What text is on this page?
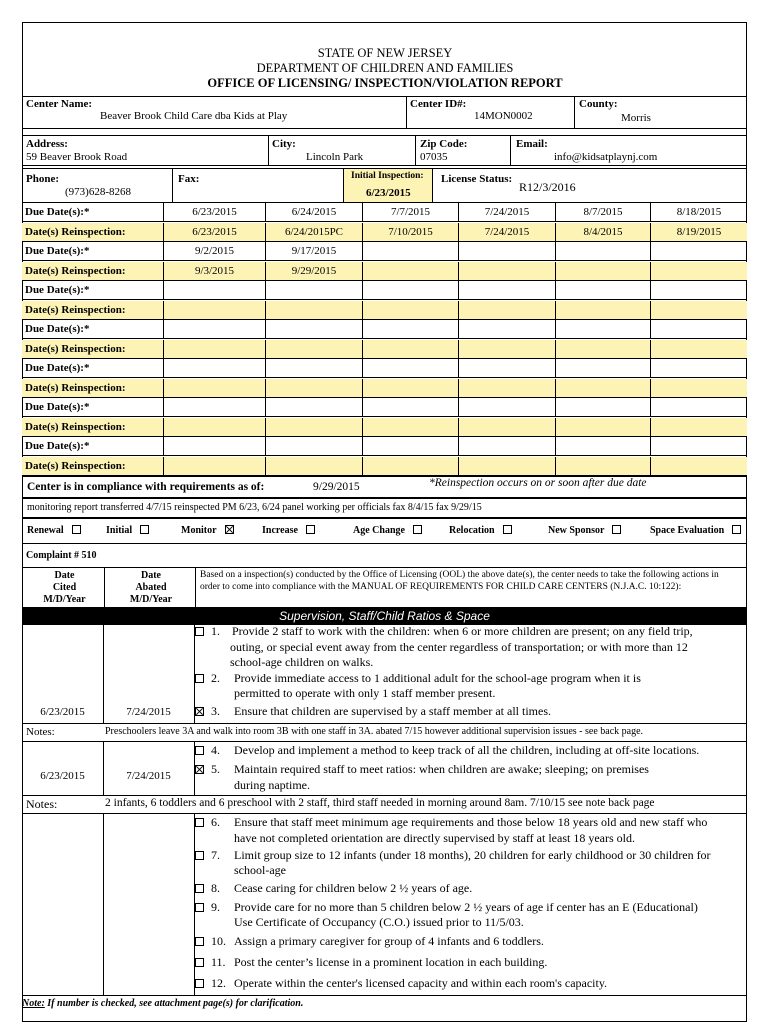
STATE OF NEW JERSEY
DEPARTMENT OF CHILDREN AND FAMILIES
OFFICE OF LICENSING/ INSPECTION/VIOLATION REPORT
Center Name:
Beaver Brook Child Care dba Kids at Play
Center ID#:
14MON0002
County:
Morris
Address:
59 Beaver Brook Road
City:
Lincoln Park
Zip Code:
07035
Email:
info@kidsatplaynj.com
Phone:
(973)628-8268
Fax:	Initial Inspection:
6/23/2015
License Status:
R12/3/2016
Due Date(s):*	6/23/2015	6/24/2015	7/7/2015	7/24/2015	8/7/2015	8/18/2015
Date(s) Reinspection:	6/23/2015	6/24/2015PC	7/10/2015	7/24/2015	8/4/2015	8/19/2015
Due Date(s):*	9/2/2015	9/17/2015
Date(s) Reinspection:	9/3/2015	9/29/2015
Due Date(s):*
Date(s) Reinspection:
Due Date(s):*
Date(s) Reinspection:
Due Date(s):*
Date(s) Reinspection:
Due Date(s):*
Date(s) Reinspection:
Due Date(s):*
Date(s) Reinspection:
Center is in compliance with requirements as of:	9/29/2015	*Reinspection occurs on or soon after due date
monitoring report transferred 4/7/15 reinspected PM 6/23, 6/24 panel working per officials fax 8/4/15 fax 9/29/15
Renewal	Initial	Monitor	Increase	Age Change	Relocation	New Sponsor	Space Evaluation
Complaint # 510
Date
Cited
M/D/Year
Date
Abated
M/D/Year
Based on a inspection(s) conducted by the Office of Licensing (OOL) the above date(s), the center needs to take the following actions in order to come into compliance with the MANUAL OF REQUIREMENTS FOR CHILD CARE CENTERS (N.J.A.C. 10:122):
Supervision, Staff/Child Ratios & Space
1. Provide 2 staff to work with the children: when 6 or more children are present; on any field trip,
outing, or special event away from the center regardless of transportation; or with more than 12
school-age children on walks.
2. Provide immediate access to 1 additional adult for the school-age program when it is
permitted to operate with only 1 staff member present.
6/23/2015	7/24/2015	3. Ensure that children are supervised by a staff member at all times.
Notes:	Preschoolers leave 3A and walk into room 3B with one staff in 3A. abated 7/15 however additional supervision issues - see back page.
4. Develop and implement a method to keep track of all the children, including at off-site locations.
6/23/2015	7/24/2015	5. Maintain required staff to meet ratios: when children are awake; sleeping; on premises
during naptime.
Notes:	2 infants, 6 toddlers and 6 preschool with 2 staff, third staff needed in morning around 8am. 7/10/15 see note back page
6. Ensure that staff meet minimum age requirements and those below 18 years old and new staff who
have not completed orientation are directly supervised by staff at least 18 years old.
7. Limit group size to 12 infants (under 18 months), 20 children for early childhood or 30 children for
school-age
8. Cease caring for children below 2 ½ years of age.
9. Provide care for no more than 5 children below 2 ½ years of age if center has an E (Educational)
Use Certificate of Occupancy (C.O.) issued prior to 11/5/03.
10. Assign a primary caregiver for group of 4 infants and 6 toddlers.
11. Post the center’s license in a prominent location in each building.
12. Operate within the center's licensed capacity and within each room's capacity.
Note: If number is checked, see attachment page(s) for clarification.
